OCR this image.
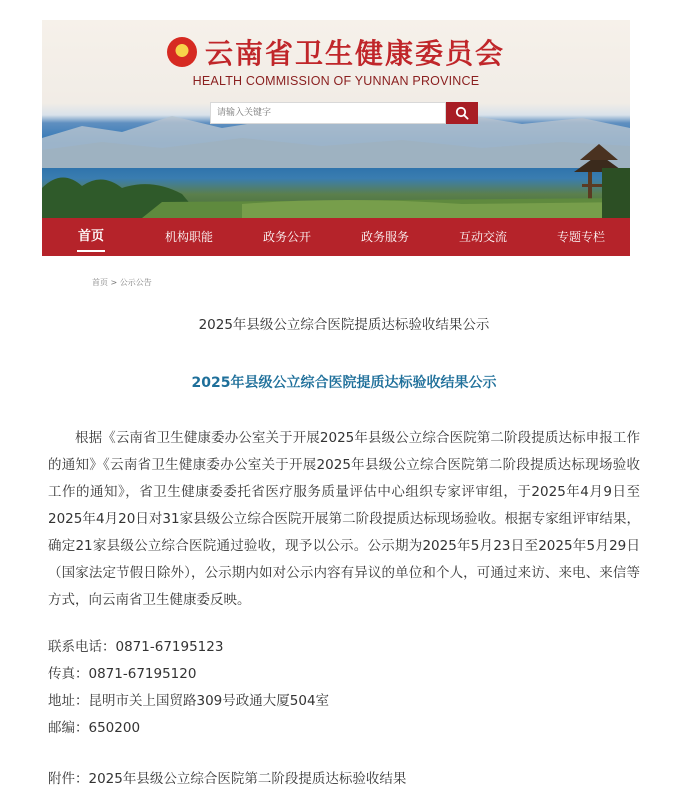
云南省卫生健康委员会
HEALTH COMMISSION OF YUNNAN PROVINCE
请输入关键字
首页	机构职能	政务公开	政务服务	互动交流	专题专栏
首页 > 公示公告
2025年县级公立综合医院提质达标验收结果公示
2025年县级公立综合医院提质达标验收结果公示

根据《云南省卫生健康委办公室关于开展2025年县级公立综合医院第二阶段提质达标申报工作的通知》《云南省卫生健康委办公室关于开展2025年县级公立综合医院第二阶段提质达标现场验收工作的通知》，省卫生健康委委托省医疗服务质量评估中心组织专家评审组，于2025年4月9日至2025年4月20日对31家县级公立综合医院开展第二阶段提质达标现场验收。根据专家组评审结果，确定21家县级公立综合医院通过验收，现予以公示。公示期为2025年5月23日至2025年5月29日（国家法定节假日除外），公示期内如对公示内容有异议的单位和个人，可通过来访、来电、来信等方式，向云南省卫生健康委反映。

联系电话：0871-67195123
传真：0871-67195120
地址：昆明市关上国贸路309号政通大厦504室
邮编：650200
附件：2025年县级公立综合医院第二阶段提质达标验收结果
